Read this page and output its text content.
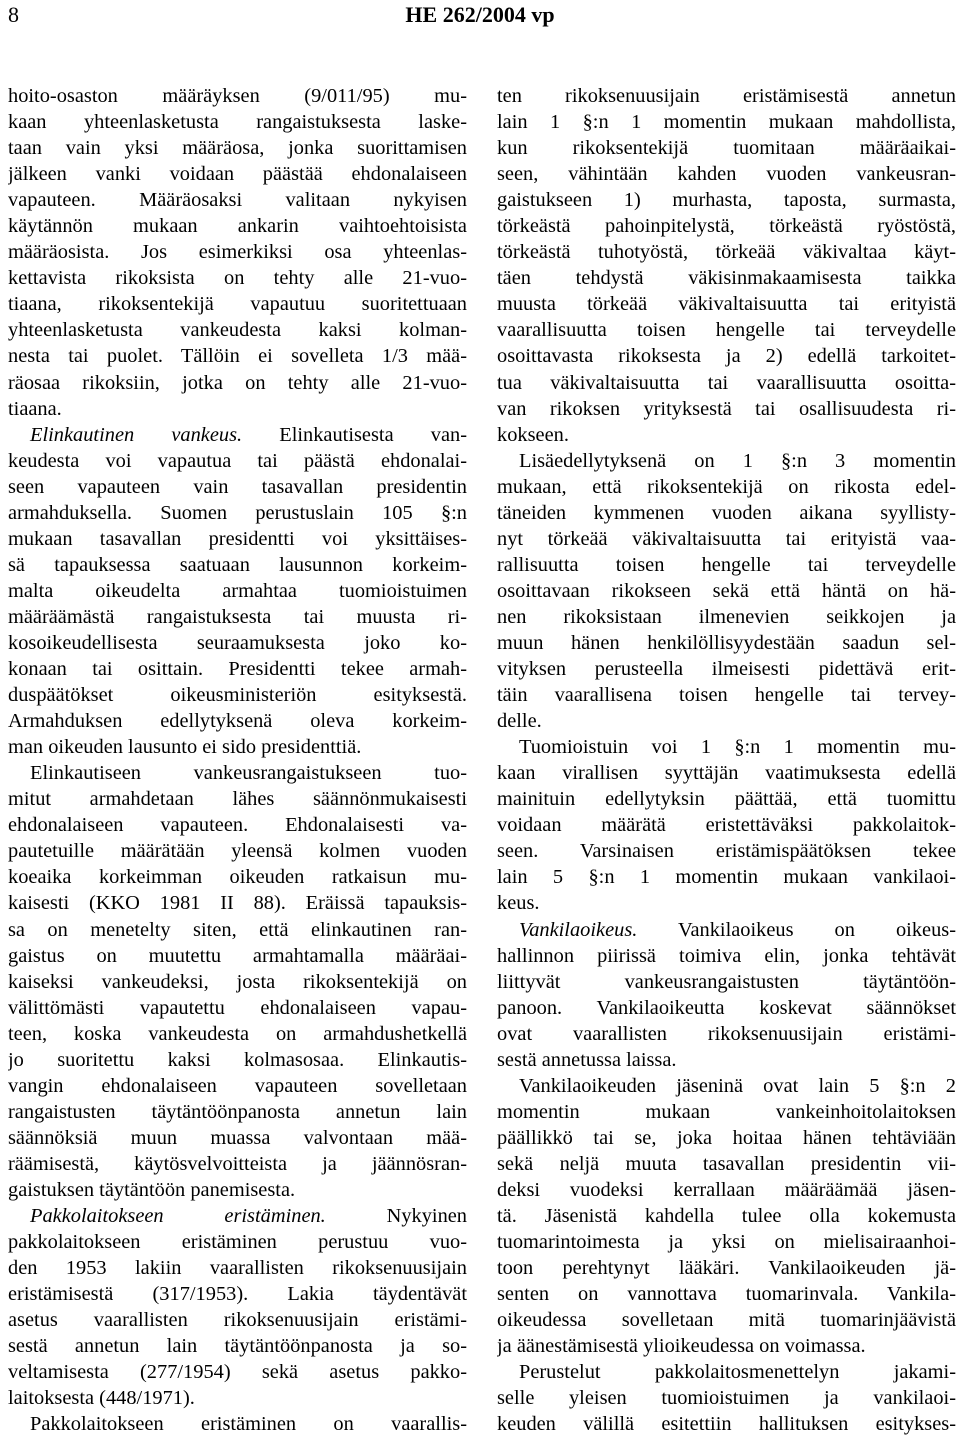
8	HE 262/2004 vp
hoito-osaston määräyksen (9/011/95) mu-
kaan yhteenlasketusta rangaistuksesta laske-
taan vain yksi määräosa, jonka suorittamisen
jälkeen vanki voidaan päästää ehdonalaiseen
vapauteen. Määräosaksi valitaan nykyisen
käytännön mukaan ankarin vaihtoehtoisista
määräosista. Jos esimerkiksi osa yhteenlas-
kettavista rikoksista on tehty alle 21-vuo-
tiaana, rikoksentekijä vapautuu suoritettuaan
yhteenlasketusta vankeudesta kaksi kolman-
nesta tai puolet. Tällöin ei sovelleta 1/3 mää-
räosaa rikoksiin, jotka on tehty alle 21-vuo-
tiaana.
Elinkautinen vankeus. Elinkautisesta van-
keudesta voi vapautua tai päästä ehdonalai-
seen vapauteen vain tasavallan presidentin
armahduksella. Suomen perustuslain 105 §:n
mukaan tasavallan presidentti voi yksittäises-
sä tapauksessa saatuaan lausunnon korkeim-
malta oikeudelta armahtaa tuomioistuimen
määräämästä rangaistuksesta tai muusta ri-
kosoikeudellisesta seuraamuksesta joko ko-
konaan tai osittain. Presidentti tekee armah-
duspäätökset oikeusministeriön esityksestä.
Armahduksen edellytyksenä oleva korkeim-
man oikeuden lausunto ei sido presidenttiä.
Elinkautiseen vankeusrangaistukseen tuo-
mitut armahdetaan lähes säännönmukaisesti
ehdonalaiseen vapauteen. Ehdonalaisesti va-
pautetuille määrätään yleensä kolmen vuoden
koeaika korkeimman oikeuden ratkaisun mu-
kaisesti (KKO 1981 II 88). Eräissä tapauksis-
sa on menetelty siten, että elinkautinen ran-
gaistus on muutettu armahtamalla määräai-
kaiseksi vankeudeksi, josta rikoksentekijä on
välittömästi vapautettu ehdonalaiseen vapau-
teen, koska vankeudesta on armahdushetkellä
jo suoritettu kaksi kolmasosaa. Elinkautis-
vangin ehdonalaiseen vapauteen sovelletaan
rangaistusten täytäntöönpanosta annetun lain
säännöksiä muun muassa valvontaan mää-
räämisestä, käytösvelvoitteista ja jäännösran-
gaistuksen täytäntöön panemisesta.
Pakkolaitokseen eristäminen. Nykyinen
pakkolaitokseen eristäminen perustuu vuo-
den 1953 lakiin vaarallisten rikoksenuusijain
eristämisestä (317/1953). Lakia täydentävät
asetus vaarallisten rikoksenuusijain eristämi-
sestä annetun lain täytäntöönpanosta ja so-
veltamisesta (277/1954) sekä asetus pakko-
laitoksesta (448/1971).
Pakkolaitokseen eristäminen on vaarallis-
ten rikoksenuusijain eristämisestä annetun
lain 1 §:n 1 momentin mukaan mahdollista,
kun rikoksentekijä tuomitaan määräaikai-
seen, vähintään kahden vuoden vankeusran-
gaistukseen 1) murhasta, taposta, surmasta,
törkeästä pahoinpitelystä, törkeästä ryöstöstä,
törkeästä tuhotyöstä, törkeää väkivaltaa käyt-
täen tehdystä väkisinmakaamisesta taikka
muusta törkeää väkivaltaisuutta tai erityistä
vaarallisuutta toisen hengelle tai terveydelle
osoittavasta rikoksesta ja 2) edellä tarkoitet-
tua väkivaltaisuutta tai vaarallisuutta osoitta-
van rikoksen yrityksestä tai osallisuudesta ri-
kokseen.
Lisäedellytyksenä on 1 §:n 3 momentin
mukaan, että rikoksentekijä on rikosta edel-
täneiden kymmenen vuoden aikana syyllisty-
nyt törkeää väkivaltaisuutta tai erityistä vaa-
rallisuutta toisen hengelle tai terveydelle
osoittavaan rikokseen sekä että häntä on hä-
nen rikoksistaan ilmenevien seikkojen ja
muun hänen henkilöllisyydestään saadun sel-
vityksen perusteella ilmeisesti pidettävä erit-
täin vaarallisena toisen hengelle tai tervey-
delle.
Tuomioistuin voi 1 §:n 1 momentin mu-
kaan virallisen syyttäjän vaatimuksesta edellä
mainituin edellytyksin päättää, että tuomittu
voidaan määrätä eristettäväksi pakkolaitok-
seen. Varsinaisen eristämispäätöksen tekee
lain 5 §:n 1 momentin mukaan vankilaoi-
keus.
Vankilaoikeus. Vankilaoikeus on oikeus-
hallinnon piirissä toimiva elin, jonka tehtävät
liittyvät vankeusrangaistusten täytäntöön-
panoon. Vankilaoikeutta koskevat säännökset
ovat vaarallisten rikoksenuusijain eristämi-
sestä annetussa laissa.
Vankilaoikeuden jäseninä ovat lain 5 §:n 2
momentin mukaan vankeinhoitolaitoksen
päällikkö tai se, joka hoitaa hänen tehtäviään
sekä neljä muuta tasavallan presidentin vii-
deksi vuodeksi kerrallaan määräämää jäsen-
tä. Jäsenistä kahdella tulee olla kokemusta
tuomarintoimesta ja yksi on mielisairaanhoi-
toon perehtynyt lääkäri. Vankilaoikeuden jä-
senten on vannottava tuomarinvala. Vankila-
oikeudessa sovelletaan mitä tuomarinjäävistä
ja äänestämisestä ylioikeudessa on voimassa.
Perustelut pakkolaitosmenettelyn jakami-
selle yleisen tuomioistuimen ja vankilaoi-
keuden välillä esitettiin hallituksen esitykses-
